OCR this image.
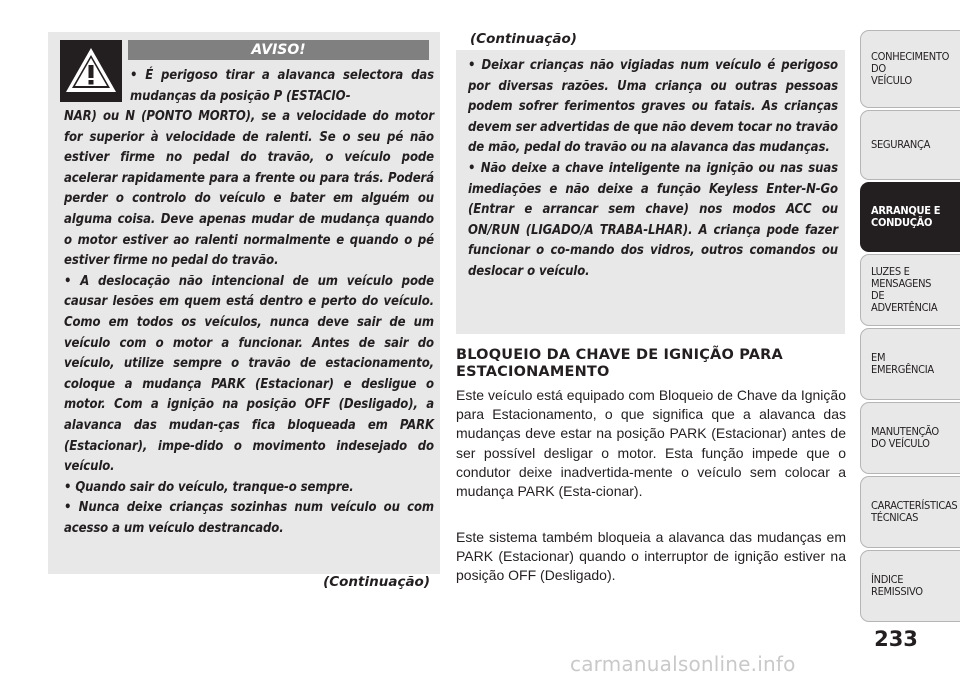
AVISO!
• É perigoso tirar a alavanca selectora das mudanças da posição P (ESTACIO-

NAR) ou N (PONTO MORTO), se a velocidade do motor for superior à velocidade de ralenti. Se o seu pé não estiver firme no pedal do travão, o veículo pode acelerar rapidamente para a frente ou para trás. Poderá perder o controlo do veículo e bater em alguém ou alguma coisa. Deve apenas mudar de mudança quando o motor estiver ao ralenti normalmente e quando o pé estiver firme no pedal do travão.

• A deslocação não intencional de um veículo pode causar lesões em quem está dentro e perto do veículo. Como em todos os veículos, nunca deve sair de um veículo com o motor a funcionar. Antes de sair do veículo, utilize sempre o travão de estacionamento, coloque a mudança PARK (Estacionar) e desligue o motor. Com a ignição na posição OFF (Desligado), a alavanca das mudan-ças fica bloqueada em PARK (Estacionar), impe-dido o movimento indesejado do veículo.

• Quando sair do veículo, tranque-o sempre.

• Nunca deixe crianças sozinhas num veículo ou com acesso a um veículo destrancado.

(Continuação)
(Continuação)

• Deixar crianças não vigiadas num veículo é perigoso por diversas razões. Uma criança ou outras pessoas podem sofrer ferimentos graves ou fatais. As crianças devem ser advertidas de que não devem tocar no travão de mão, pedal do travão ou na alavanca das mudanças.

• Não deixe a chave inteligente na ignição ou nas suas imediações e não deixe a função Keyless Enter-N-Go (Entrar e arrancar sem chave) nos modos ACC ou ON/RUN (LIGADO/A TRABA-LHAR). A criança pode fazer funcionar o co-mando dos vidros, outros comandos ou deslocar o veículo.

BLOQUEIO DA CHAVE DE IGNIÇÃO PARA ESTACIONAMENTO
Este veículo está equipado com Bloqueio de Chave da Ignição para Estacionamento, o que significa que a alavanca das mudanças deve estar na posição PARK (Estacionar) antes de ser possível desligar o motor. Esta função impede que o condutor deixe inadvertida-mente o veículo sem colocar a mudança PARK (Esta-cionar).
Este sistema também bloqueia a alavanca das mudanças em PARK (Estacionar) quando o interruptor de ignição estiver na posição OFF (Desligado).
CONHECIMENTO
DO
VEÍCULO
SEGURANÇA
ARRANQUE E
CONDUÇÃO
LUZES E
MENSAGENS
DE
ADVERTÊNCIA
EM
EMERGÊNCIA
MANUTENÇÃO
DO VEÍCULO
CARACTERÍSTICAS
TÉCNICAS
ÍNDICE
REMISSIVO
233
carmanualsonline.info
